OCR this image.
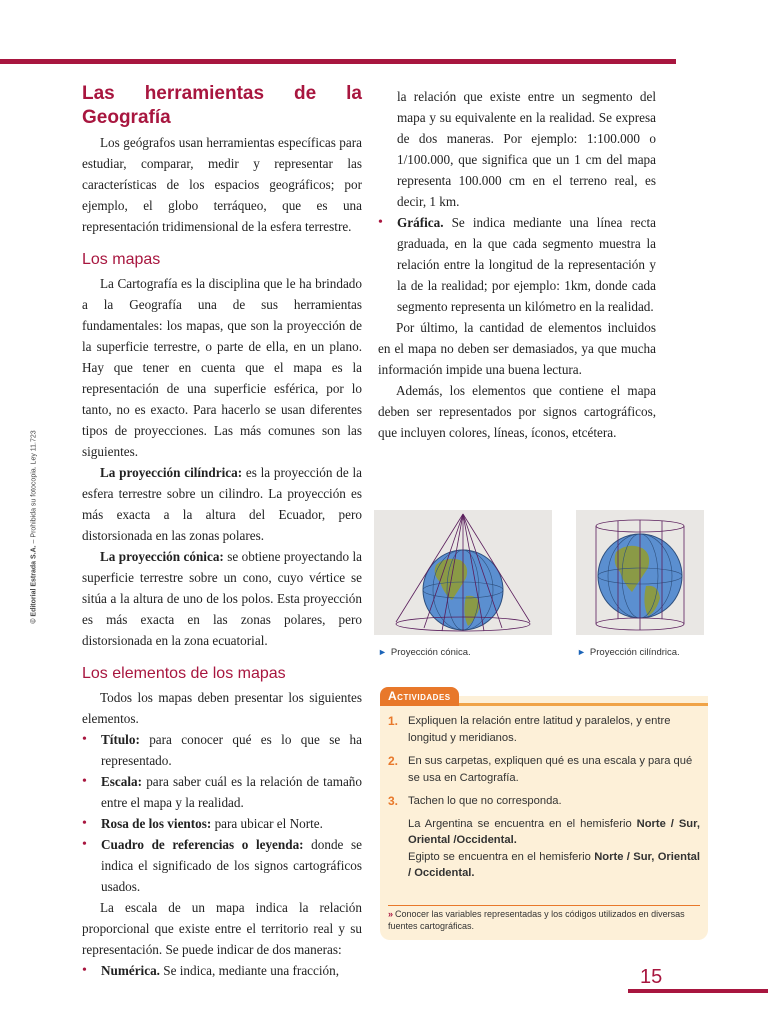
© Editorial Estrada S.A. – Prohibida su fotocopia. Ley 11.723
Las herramientas de la Geografía

Los geógrafos usan herramientas específicas para estudiar, comparar, medir y representar las características de los espacios geográficos; por ejemplo, el globo terráqueo, que es una representación tridimensional de la esfera terrestre.

Los mapas

La Cartografía es la disciplina que le ha brindado a la Geografía una de sus herramientas fundamentales: los mapas, que son la proyección de la superficie terrestre, o parte de ella, en un plano. Hay que tener en cuenta que el mapa es la representación de una superficie esférica, por lo tanto, no es exacto. Para hacerlo se usan diferentes tipos de proyecciones. Las más comunes son las siguientes.

La proyección cilíndrica: es la proyección de la esfera terrestre sobre un cilindro. La proyección es más exacta a la altura del Ecuador, pero distorsionada en las zonas polares.

La proyección cónica: se obtiene proyectando la superficie terrestre sobre un cono, cuyo vértice se sitúa a la altura de uno de los polos. Esta proyección es más exacta en las zonas polares, pero distorsionada en la zona ecuatorial.

Los elementos de los mapas

Todos los mapas deben presentar los siguientes elementos.

• Título: para conocer qué es lo que se ha representado.
• Escala: para saber cuál es la relación de tamaño entre el mapa y la realidad.
• Rosa de los vientos: para ubicar el Norte.
• Cuadro de referencias o leyenda: donde se indica el significado de los signos cartográficos usados.

La escala de un mapa indica la relación proporcional que existe entre el territorio real y su representación. Se puede indicar de dos maneras:

• Numérica. Se indica, mediante una fracción,

la relación que existe entre un segmento del mapa y su equivalente en la realidad. Se expresa de dos maneras. Por ejemplo: 1:100.000 o 1/100.000, que significa que un 1 cm del mapa representa 100.000 cm en el terreno real, es decir, 1 km.

• Gráfica. Se indica mediante una línea recta graduada, en la que cada segmento muestra la relación entre la longitud de la representación y la de la realidad; por ejemplo: 1km, donde cada segmento representa un kilómetro en la realidad.

Por último, la cantidad de elementos incluidos en el mapa no deben ser demasiados, ya que mucha información impide una buena lectura.

Además, los elementos que contiene el mapa deben ser representados por signos cartográficos, que incluyen colores, líneas, íconos, etcétera.

► Proyección cónica.	► Proyección cilíndrica.
Actividades
1. Expliquen la relación entre latitud y paralelos, y entre longitud y meridianos.
2. En sus carpetas, expliquen qué es una escala y para qué se usa en Cartografía.
3. Tachen lo que no corresponda.
La Argentina se encuentra en el hemisferio Norte / Sur, Oriental /Occidental.
Egipto se encuentra en el hemisferio Norte / Sur, Oriental / Occidental.
» Conocer las variables representadas y los códigos utilizados en diversas fuentes cartográficas.
15
